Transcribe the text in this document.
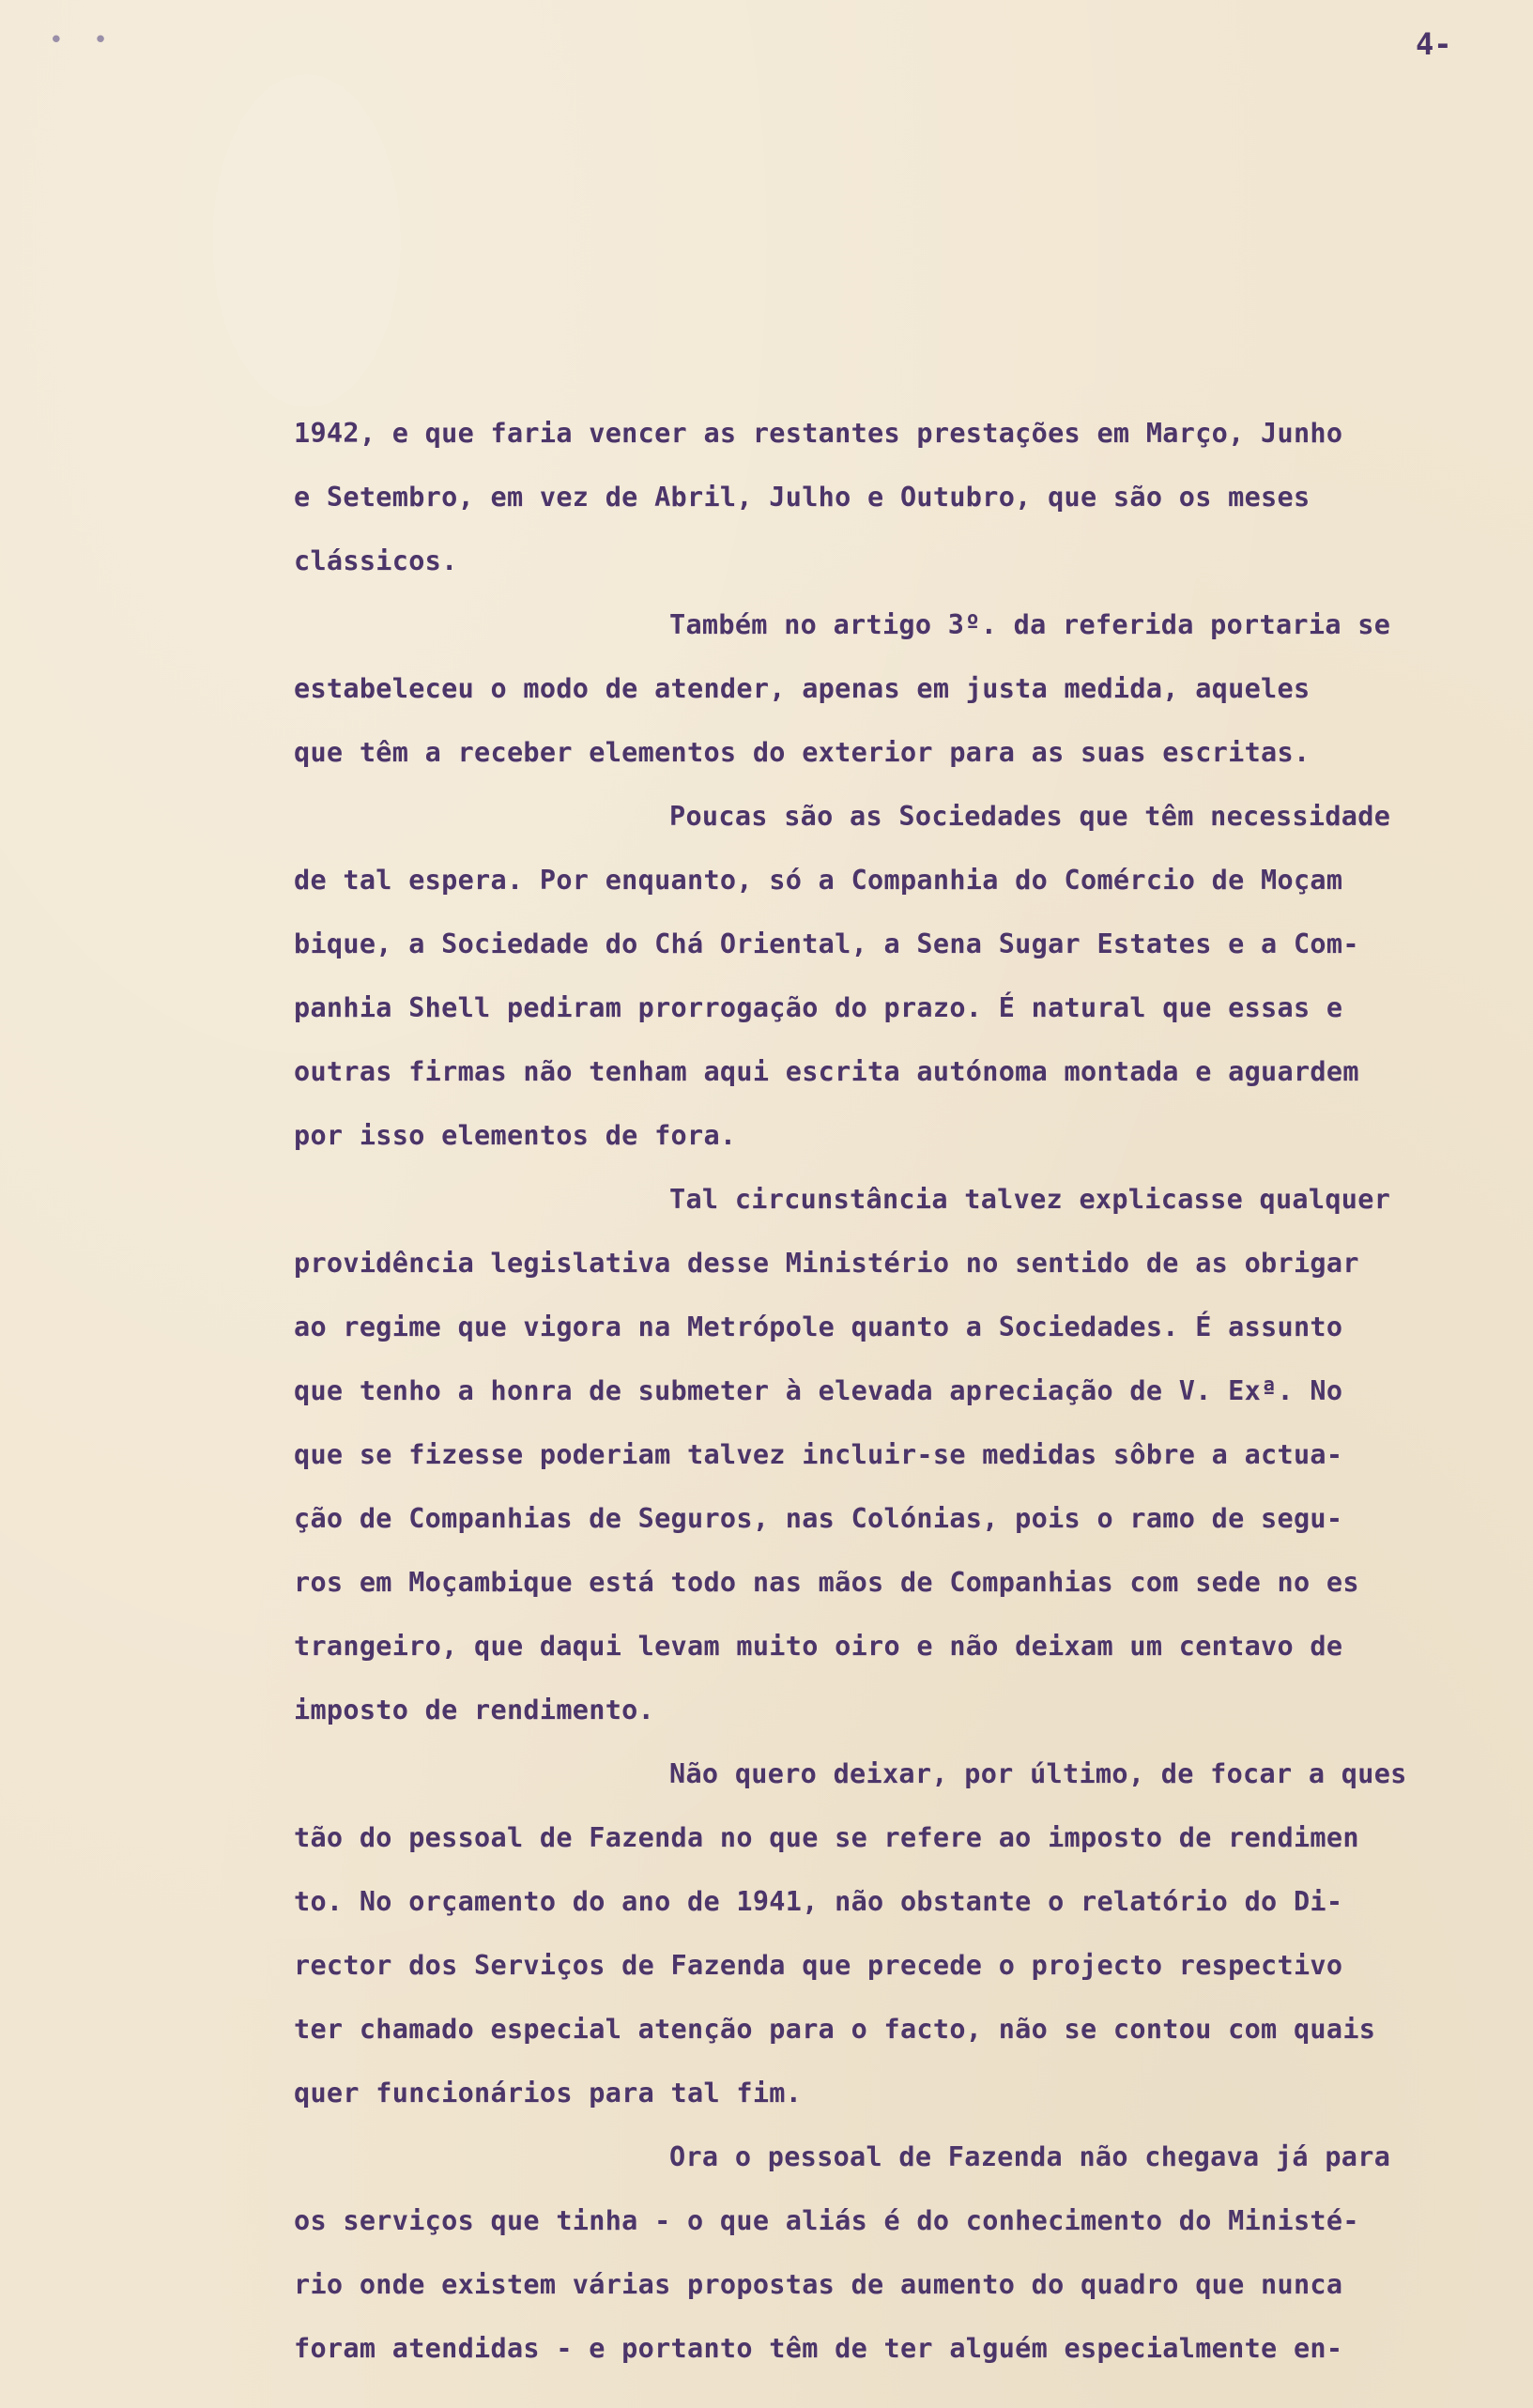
• •	4-
1942, e que faria vencer as restantes prestações em Março, Junho
e Setembro, em vez de Abril, Julho e Outubro, que são os meses
clássicos.
Também no artigo 3º. da referida portaria se
estabeleceu o modo de atender, apenas em justa medida, aqueles
que têm a receber elementos do exterior para as suas escritas.
Poucas são as Sociedades que têm necessidade
de tal espera. Por enquanto, só a Companhia do Comércio de Moçam
bique, a Sociedade do Chá Oriental, a Sena Sugar Estates e a Com-
panhia Shell pediram prorrogação do prazo. É natural que essas e
outras firmas não tenham aqui escrita autónoma montada e aguardem
por isso elementos de fora.
Tal circunstância talvez explicasse qualquer
providência legislativa desse Ministério no sentido de as obrigar
ao regime que vigora na Metrópole quanto a Sociedades. É assunto
que tenho a honra de submeter à elevada apreciação de V. Exª. No
que se fizesse poderiam talvez incluir-se medidas sôbre a actua-
ção de Companhias de Seguros, nas Colónias, pois o ramo de segu-
ros em Moçambique está todo nas mãos de Companhias com sede no es
trangeiro, que daqui levam muito oiro e não deixam um centavo de
imposto de rendimento.
Não quero deixar, por último, de focar a ques
tão do pessoal de Fazenda no que se refere ao imposto de rendimen
to. No orçamento do ano de 1941, não obstante o relatório do Di-
rector dos Serviços de Fazenda que precede o projecto respectivo
ter chamado especial atenção para o facto, não se contou com quais
quer funcionários para tal fim.
Ora o pessoal de Fazenda não chegava já para
os serviços que tinha - o que aliás é do conhecimento do Ministé-
rio onde existem várias propostas de aumento do quadro que nunca
foram atendidas - e portanto têm de ter alguém especialmente en-
